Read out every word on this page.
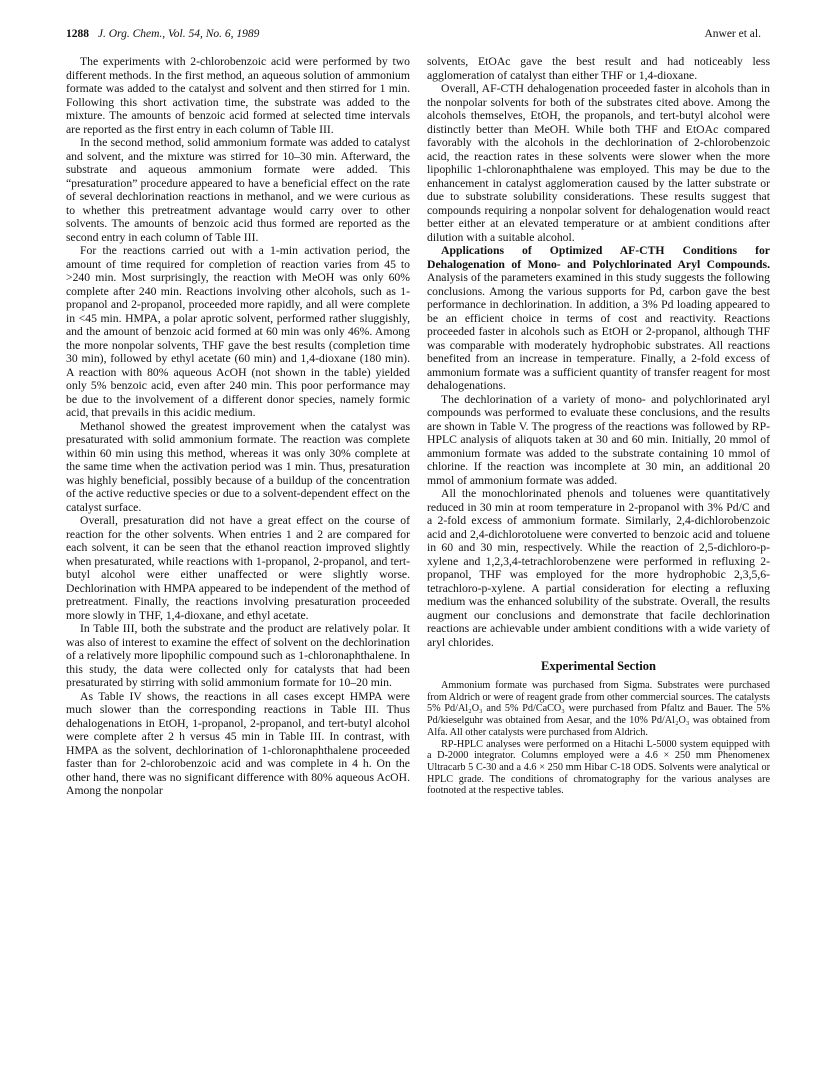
1288 J. Org. Chem., Vol. 54, No. 6, 1989	Anwer et al.

The experiments with 2-chlorobenzoic acid were performed by two different methods. In the first method, an aqueous solution of ammonium formate was added to the catalyst and solvent and then stirred for 1 min. Following this short activation time, the substrate was added to the mixture. The amounts of benzoic acid formed at selected time intervals are reported as the first entry in each column of Table III.

In the second method, solid ammonium formate was added to catalyst and solvent, and the mixture was stirred for 10–30 min. Afterward, the substrate and aqueous ammonium formate were added. This “presaturation” procedure appeared to have a beneficial effect on the rate of several dechlorination reactions in methanol, and we were curious as to whether this pretreatment advantage would carry over to other solvents. The amounts of benzoic acid thus formed are reported as the second entry in each column of Table III.

For the reactions carried out with a 1-min activation period, the amount of time required for completion of reaction varies from 45 to >240 min. Most surprisingly, the reaction with MeOH was only 60% complete after 240 min. Reactions involving other alcohols, such as 1-propanol and 2-propanol, proceeded more rapidly, and all were complete in <45 min. HMPA, a polar aprotic solvent, performed rather sluggishly, and the amount of benzoic acid formed at 60 min was only 46%. Among the more nonpolar solvents, THF gave the best results (completion time 30 min), followed by ethyl acetate (60 min) and 1,4-dioxane (180 min). A reaction with 80% aqueous AcOH (not shown in the table) yielded only 5% benzoic acid, even after 240 min. This poor performance may be due to the involvement of a different donor species, namely formic acid, that prevails in this acidic medium.

Methanol showed the greatest improvement when the catalyst was presaturated with solid ammonium formate. The reaction was complete within 60 min using this method, whereas it was only 30% complete at the same time when the activation period was 1 min. Thus, presaturation was highly beneficial, possibly because of a buildup of the concentration of the active reductive species or due to a solvent-dependent effect on the catalyst surface.

Overall, presaturation did not have a great effect on the course of reaction for the other solvents. When entries 1 and 2 are compared for each solvent, it can be seen that the ethanol reaction improved slightly when presaturated, while reactions with 1-propanol, 2-propanol, and tert-butyl alcohol were either unaffected or were slightly worse. Dechlorination with HMPA appeared to be independent of the method of pretreatment. Finally, the reactions involving presaturation proceeded more slowly in THF, 1,4-dioxane, and ethyl acetate.

In Table III, both the substrate and the product are relatively polar. It was also of interest to examine the effect of solvent on the dechlorination of a relatively more lipophilic compound such as 1-chloronaphthalene. In this study, the data were collected only for catalysts that had been presaturated by stirring with solid ammonium formate for 10–20 min.

As Table IV shows, the reactions in all cases except HMPA were much slower than the corresponding reactions in Table III. Thus dehalogenations in EtOH, 1-propanol, 2-propanol, and tert-butyl alcohol were complete after 2 h versus 45 min in Table III. In contrast, with HMPA as the solvent, dechlorination of 1-chloronaphthalene proceeded faster than for 2-chlorobenzoic acid and was complete in 4 h. On the other hand, there was no significant difference with 80% aqueous AcOH. Among the nonpolar

solvents, EtOAc gave the best result and had noticeably less agglomeration of catalyst than either THF or 1,4-dioxane.

Overall, AF-CTH dehalogenation proceeded faster in alcohols than in the nonpolar solvents for both of the substrates cited above. Among the alcohols themselves, EtOH, the propanols, and tert-butyl alcohol were distinctly better than MeOH. While both THF and EtOAc compared favorably with the alcohols in the dechlorination of 2-chlorobenzoic acid, the reaction rates in these solvents were slower when the more lipophilic 1-chloronaphthalene was employed. This may be due to the enhancement in catalyst agglomeration caused by the latter substrate or due to substrate solubility considerations. These results suggest that compounds requiring a nonpolar solvent for dehalogenation would react better either at an elevated temperature or at ambient conditions after dilution with a suitable alcohol.

Applications of Optimized AF-CTH Conditions for Dehalogenation of Mono- and Polychlorinated Aryl Compounds. Analysis of the parameters examined in this study suggests the following conclusions. Among the various supports for Pd, carbon gave the best performance in dechlorination. In addition, a 3% Pd loading appeared to be an efficient choice in terms of cost and reactivity. Reactions proceeded faster in alcohols such as EtOH or 2-propanol, although THF was comparable with moderately hydrophobic substrates. All reactions benefited from an increase in temperature. Finally, a 2-fold excess of ammonium formate was a sufficient quantity of transfer reagent for most dehalogenations.

The dechlorination of a variety of mono- and polychlorinated aryl compounds was performed to evaluate these conclusions, and the results are shown in Table V. The progress of the reactions was followed by RP-HPLC analysis of aliquots taken at 30 and 60 min. Initially, 20 mmol of ammonium formate was added to the substrate containing 10 mmol of chlorine. If the reaction was incomplete at 30 min, an additional 20 mmol of ammonium formate was added.

All the monochlorinated phenols and toluenes were quantitatively reduced in 30 min at room temperature in 2-propanol with 3% Pd/C and a 2-fold excess of ammonium formate. Similarly, 2,4-dichlorobenzoic acid and 2,4-dichlorotoluene were converted to benzoic acid and toluene in 60 and 30 min, respectively. While the reaction of 2,5-dichloro-p-xylene and 1,2,3,4-tetrachlorobenzene were performed in refluxing 2-propanol, THF was employed for the more hydrophobic 2,3,5,6-tetrachloro-p-xylene. A partial consideration for electing a refluxing medium was the enhanced solubility of the substrate. Overall, the results augment our conclusions and demonstrate that facile dechlorination reactions are achievable under ambient conditions with a wide variety of aryl chlorides.

Experimental Section

Ammonium formate was purchased from Sigma. Substrates were purchased from Aldrich or were of reagent grade from other commercial sources. The catalysts 5% Pd/Al₂O₃ and 5% Pd/CaCO₃ were purchased from Pfaltz and Bauer. The 5% Pd/kieselguhr was obtained from Aesar, and the 10% Pd/Al₂O₃ was obtained from Alfa. All other catalysts were purchased from Aldrich.

RP-HPLC analyses were performed on a Hitachi L-5000 system equipped with a D-2000 integrator. Columns employed were a 4.6 × 250 mm Phenomenex Ultracarb 5 C-30 and a 4.6 × 250 mm Hibar C-18 ODS. Solvents were analytical or HPLC grade. The conditions of chromatography for the various analyses are footnoted at the respective tables.
